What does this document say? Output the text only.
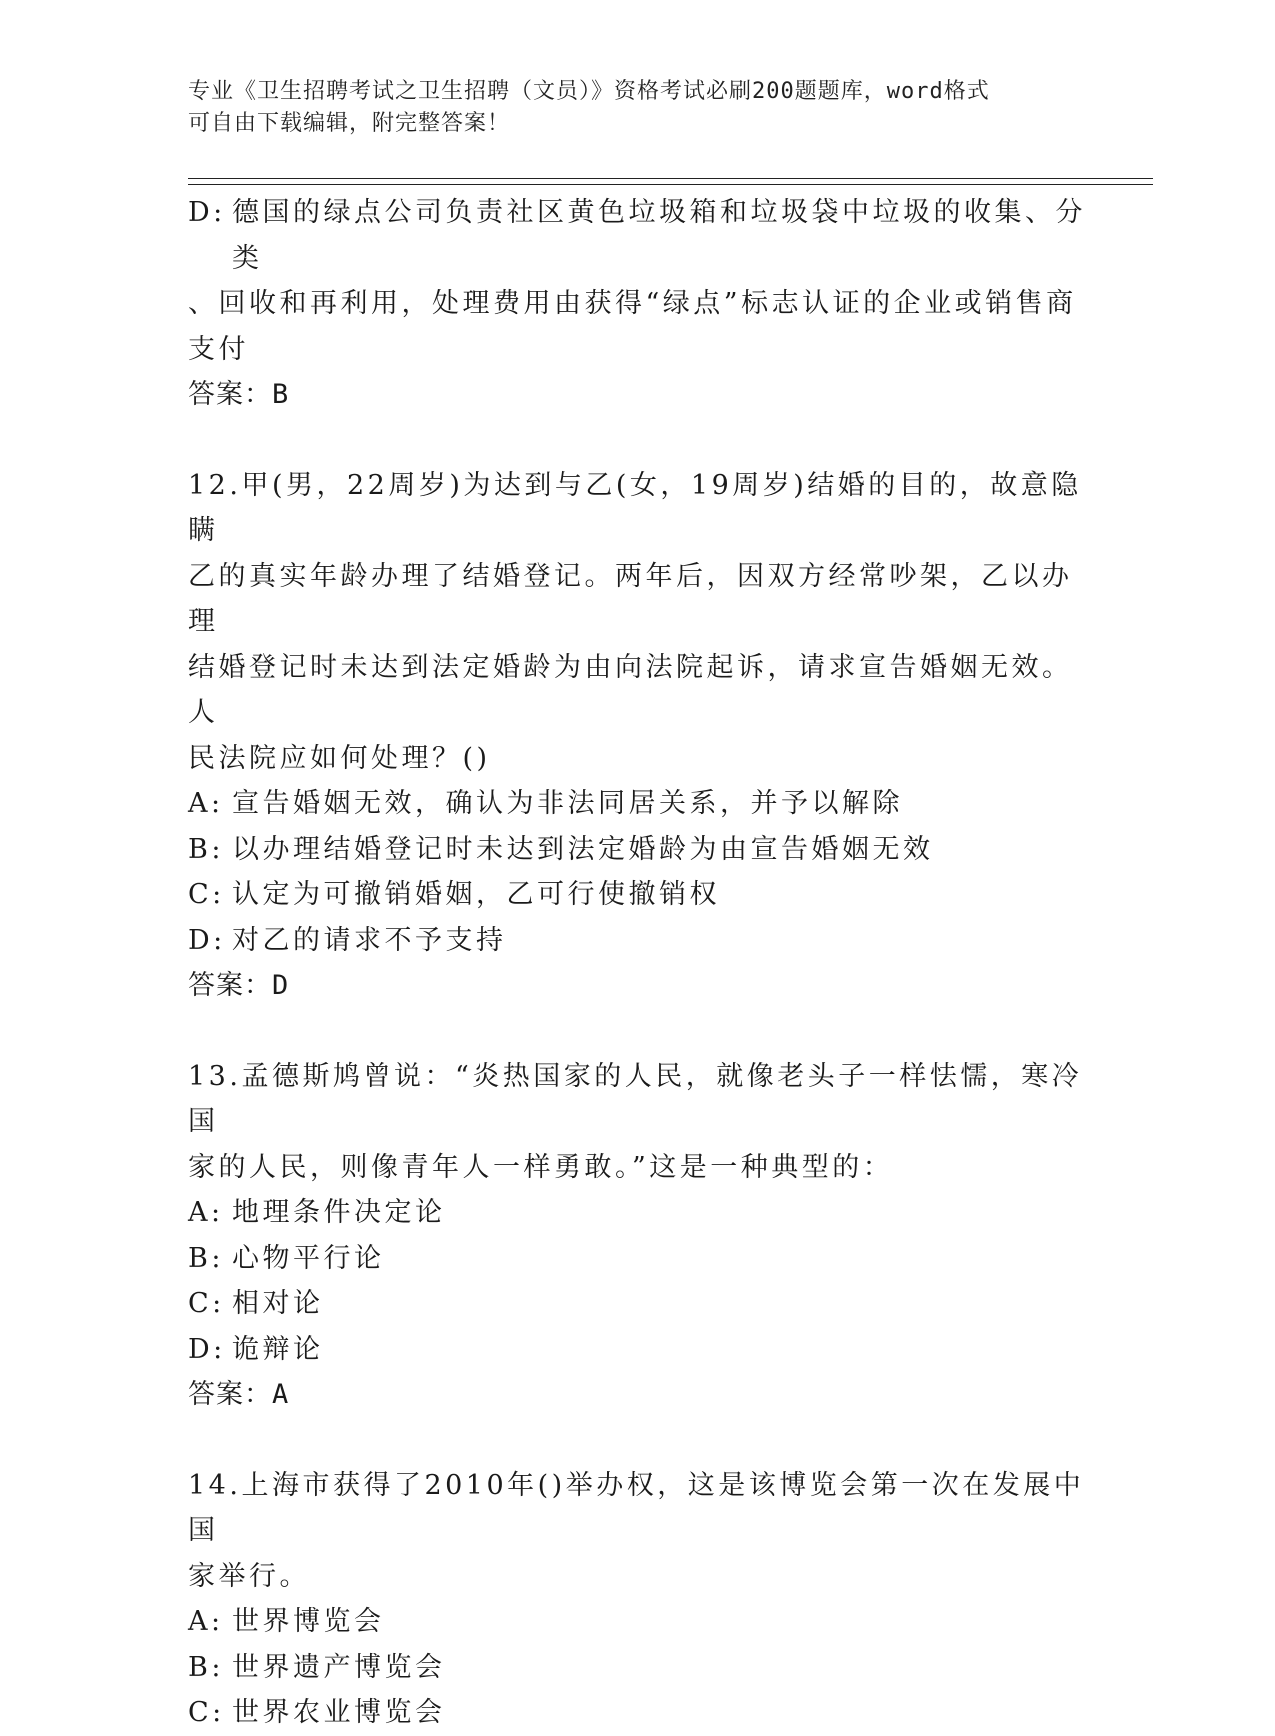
专业《卫生招聘考试之卫生招聘（文员）》资格考试必刷200题题库，word格式
可自由下载编辑，附完整答案！
D: 德国的绿点公司负责社区黄色垃圾箱和垃圾袋中垃圾的收集、分类

、回收和再利用，处理费用由获得“绿点”标志认证的企业或销售商

支付

答案：B

12.甲(男，22周岁)为达到与乙(女，19周岁)结婚的目的，故意隐瞒

乙的真实年龄办理了结婚登记。两年后，因双方经常吵架，乙以办理

结婚登记时未达到法定婚龄为由向法院起诉，请求宣告婚姻无效。人

民法院应如何处理？()

A: 宣告婚姻无效，确认为非法同居关系，并予以解除
B: 以办理结婚登记时未达到法定婚龄为由宣告婚姻无效
C: 认定为可撤销婚姻，乙可行使撤销权
D: 对乙的请求不予支持

答案：D

13.孟德斯鸠曾说：“炎热国家的人民，就像老头子一样怯懦，寒冷国

家的人民，则像青年人一样勇敢。”这是一种典型的：

A: 地理条件决定论
B: 心物平行论
C: 相对论
D: 诡辩论

答案：A

14.上海市获得了2010年()举办权，这是该博览会第一次在发展中国

家举行。

A: 世界博览会
B: 世界遗产博览会
C: 世界农业博览会
